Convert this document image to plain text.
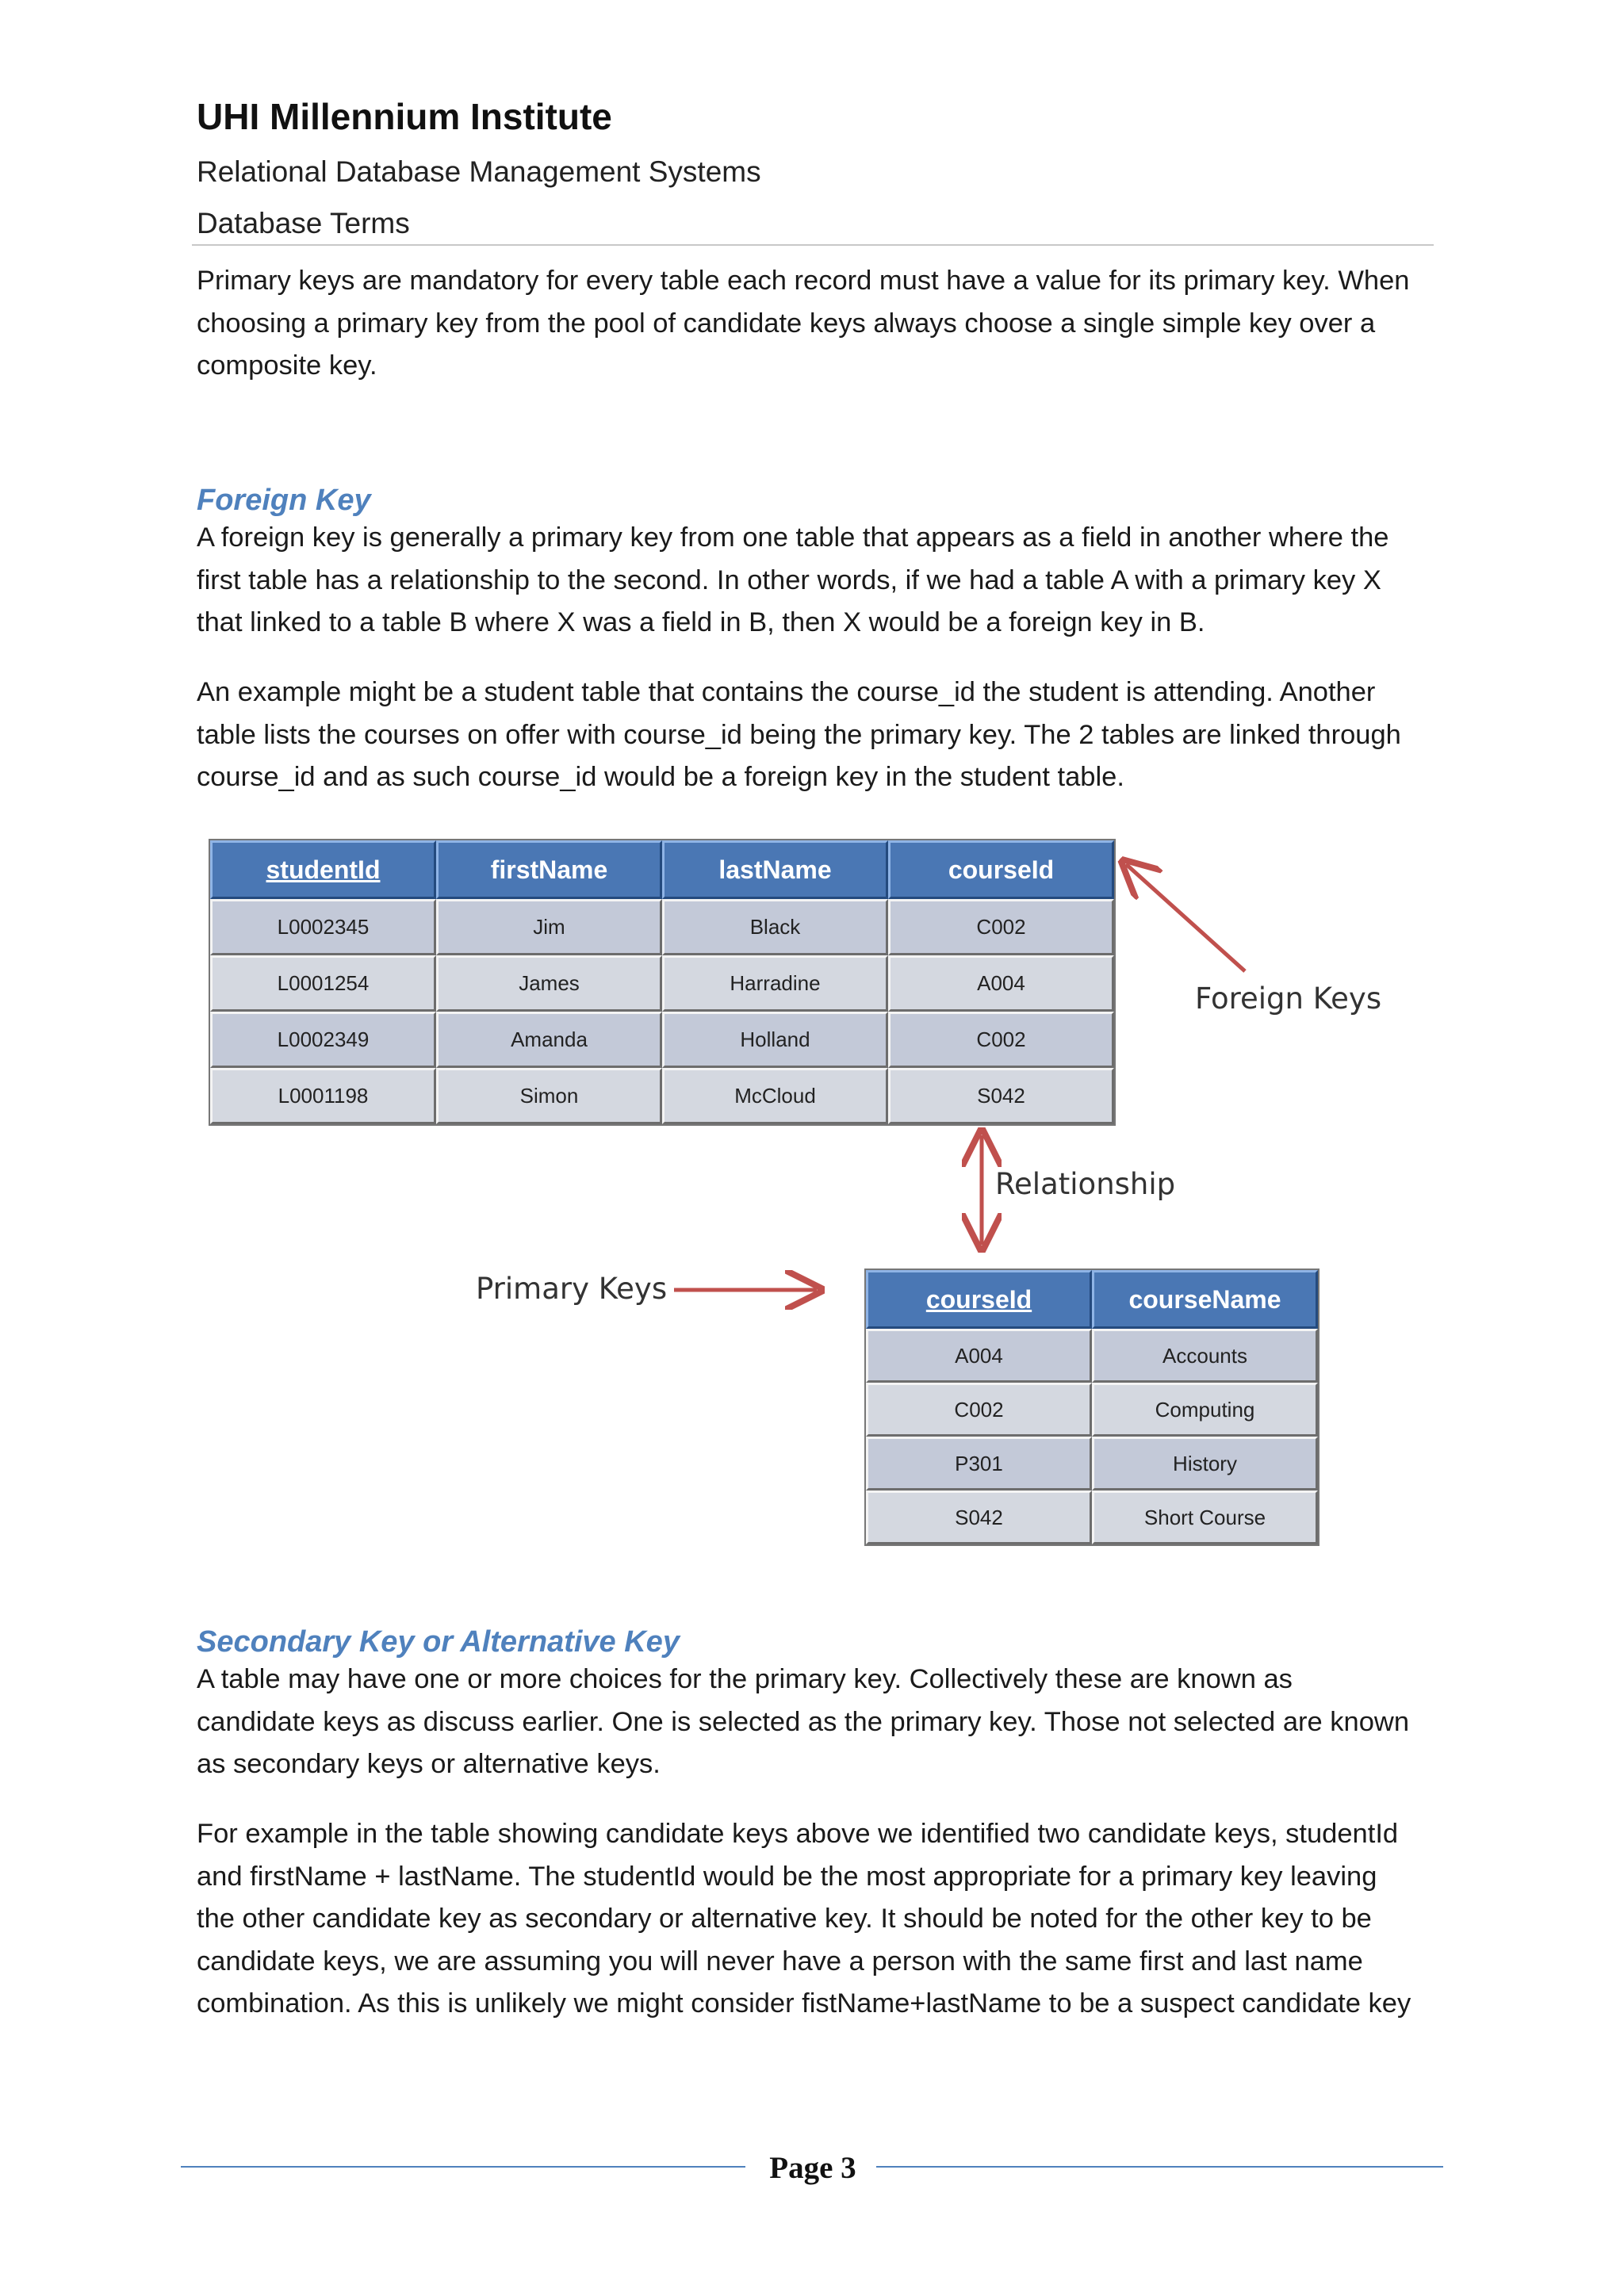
UHI Millennium Institute
Relational Database Management Systems
Database Terms
Primary keys are mandatory for every table each record must have a value for its primary key. When
choosing a primary key from the pool of candidate keys always choose a single simple key over a
composite key.
Foreign Key
A foreign key is generally a primary key from one table that appears as a field in another where the
first table has a relationship to the second. In other words, if we had a table A with a primary key X
that linked to a table B where X was a field in B, then X would be a foreign key in B.
An example might be a student table that contains the course_id the student is attending. Another
table lists the courses on offer with course_id being the primary key. The 2 tables are linked through
course_id and as such course_id would be a foreign key in the student table.
studentId	firstName	lastName	courseId
L0002345	Jim	Black	C002
L0001254	James	Harradine	A004
L0002349	Amanda	Holland	C002
L0001198	Simon	McCloud	S042
courseId	courseName
A004	Accounts
C002	Computing
P301	History
S042	Short Course
Foreign Keys
Relationship
Primary Keys
Secondary Key or Alternative Key
A table may have one or more choices for the primary key. Collectively these are known as
candidate keys as discuss earlier. One is selected as the primary key. Those not selected are known
as secondary keys or alternative keys.
For example in the table showing candidate keys above we identified two candidate keys, studentId
and firstName + lastName. The studentId would be the most appropriate for a primary key leaving
the other candidate key as secondary or alternative key. It should be noted for the other key to be
candidate keys, we are assuming you will never have a person with the same first and last name
combination. As this is unlikely we might consider fistName+lastName to be a suspect candidate key
Page 3
